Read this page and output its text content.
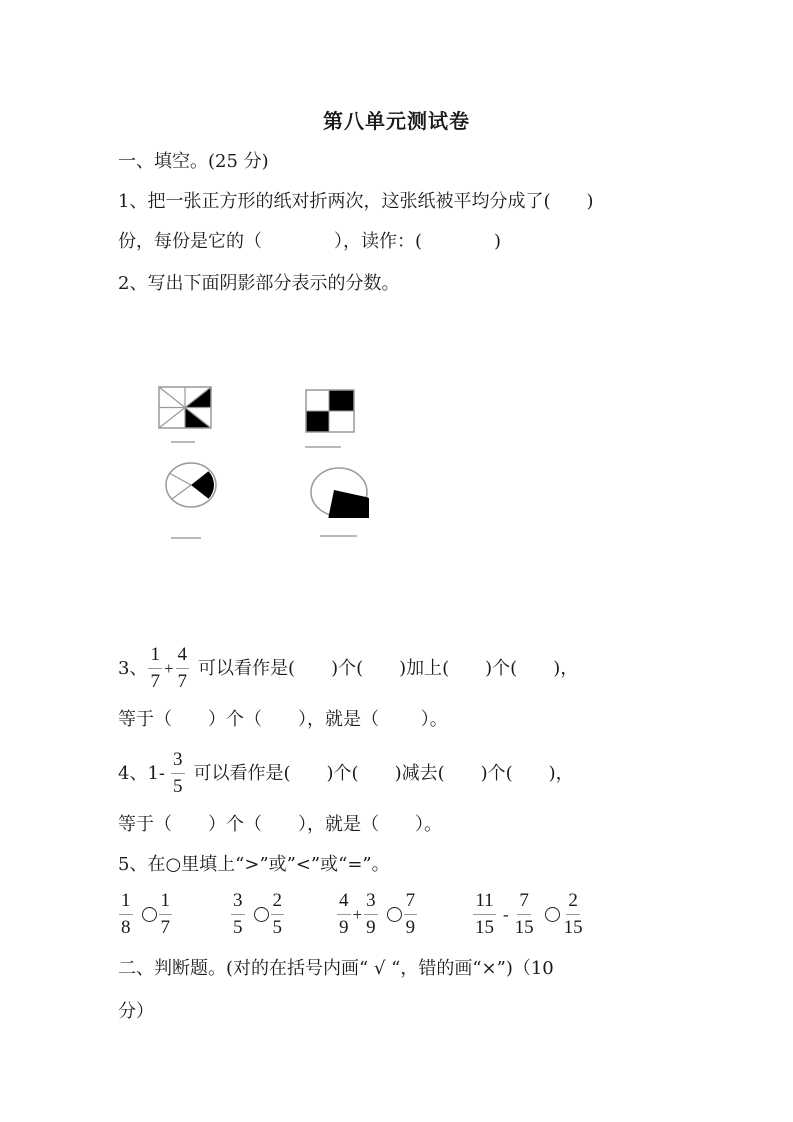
第八单元测试卷
一、填空。(25 分)
1、把一张正方形的纸对折两次，这张纸被平均分成了(　　)
份，每份是它的（　　　　），读作：(　　　　)
2、写出下面阴影部分表示的分数。
3、 $\frac{1}{7} + \frac{4}{7}$ 可以看作是(　　)个(　　)加上(　　)个(　　)，
等于（　　）个（　　），就是（　　 ）。
4、$1- \frac{3}{5}$ 可以看作是(　　)个(　　)减去(　　)个(　　)，
等于（　　）个（　　），就是（　　）。
5、在○里填上“>”或”<”或“=”。
$\frac{1}{8} \frac{1}{7}$	$\frac{3}{5} \frac{2}{5}$	$\frac{4}{9} + \frac{3}{9} \frac{7}{9}$	$\frac{11}{15} - \frac{7}{15} \frac{2}{15}$
二、判断题。(对的在括号内画“ √ “，错的画“×”)（10
分）
